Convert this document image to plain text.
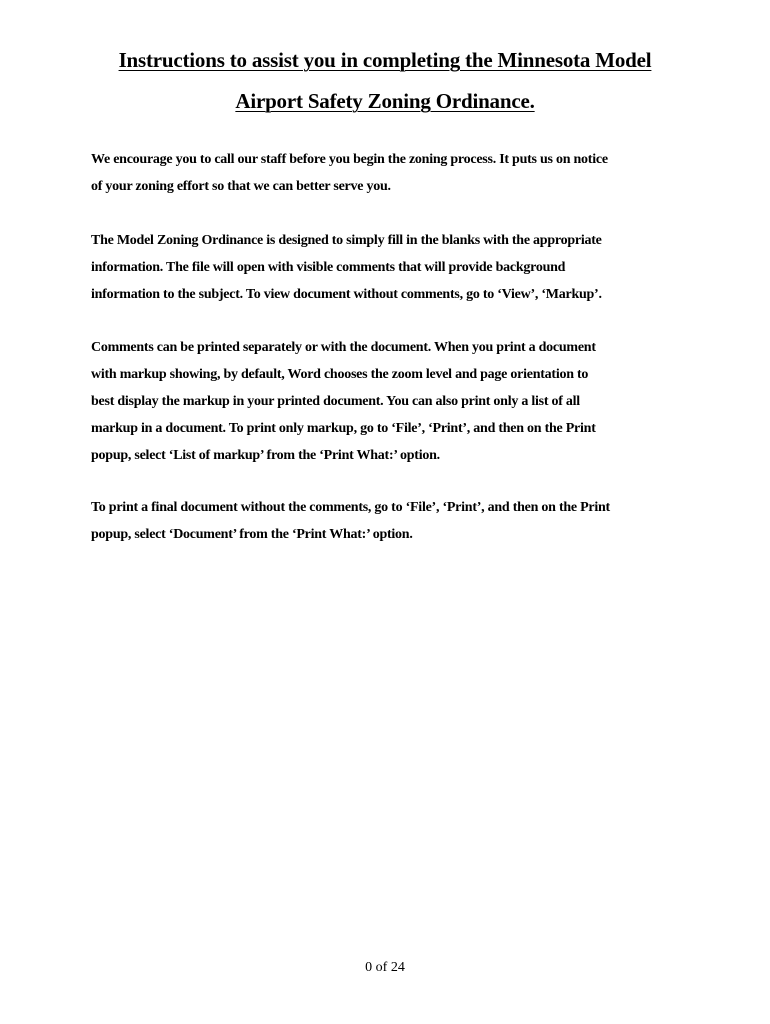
Instructions to assist you in completing the Minnesota Model
Airport Safety Zoning Ordinance.
We encourage you to call our staff before you begin the zoning process. It puts us on notice
of your zoning effort so that we can better serve you.
The Model Zoning Ordinance is designed to simply fill in the blanks with the appropriate
information. The file will open with visible comments that will provide background
information to the subject. To view document without comments, go to ‘View’, ‘Markup’.
Comments can be printed separately or with the document. When you print a document
with markup showing, by default, Word chooses the zoom level and page orientation to
best display the markup in your printed document. You can also print only a list of all
markup in a document. To print only markup, go to ‘File’, ‘Print’, and then on the Print
popup, select ‘List of markup’ from the ‘Print What:’ option.
To print a final document without the comments, go to ‘File’, ‘Print’, and then on the Print
popup, select ‘Document’ from the ‘Print What:’ option.
0 of 24
